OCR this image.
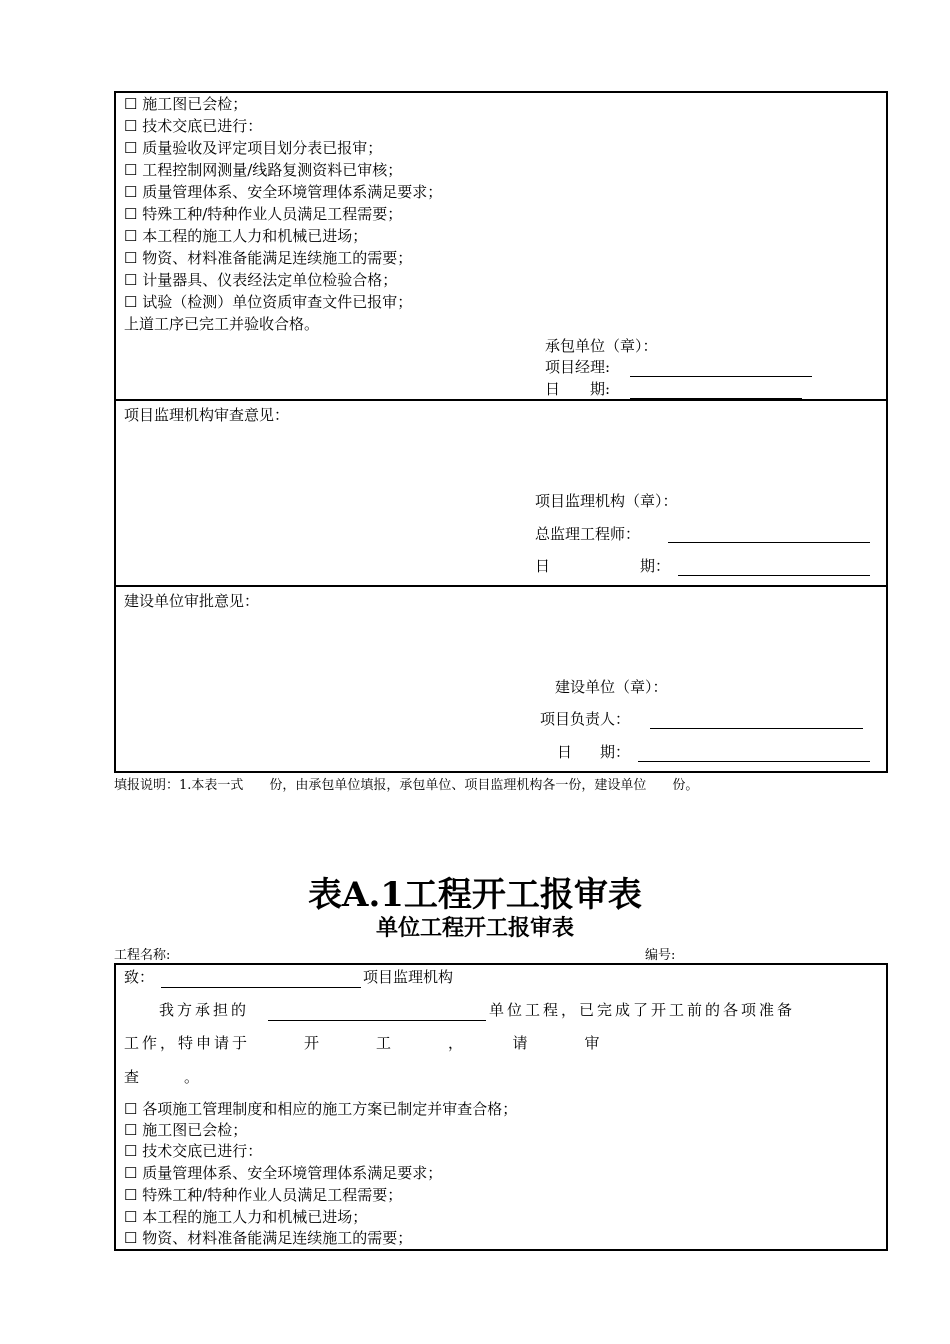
☐ 施工图已会检；
☐ 技术交底已进行：
☐ 质量验收及评定项目划分表已报审；
☐ 工程控制网测量/线路复测资料已审核；
☐ 质量管理体系、安全环境管理体系满足要求；
☐ 特殊工种/特种作业人员满足工程需要；
☐ 本工程的施工人力和机械已进场；
☐ 物资、材料准备能满足连续施工的需要；
☐ 计量器具、仪表经法定单位检验合格；
☐ 试验（检测）单位资质审查文件已报审；
上道工序已完工并验收合格。
承包单位（章）：
项目经理:
日　　期:
项目监理机构审查意见：
项目监理机构（章）：
总监理工程师：
日	期：
建设单位审批意见：
建设单位（章）：
项目负责人：
日 期：
填报说明：1.本表一式　　份，由承包单位填报，承包单位、项目监理机构各一份，建设单位　　份。
表A.1工程开工报审表
单位工程开工报审表
工程名称:	编号:
致：	项目监理机构
我方承担的	单位工程，已完成了开工前的各项准备
工作，特申请于　　　开　　　工　　　，　　　请　　　审
查　　　。
☐ 各项施工管理制度和相应的施工方案已制定并审查合格；
☐ 施工图已会检；
☐ 技术交底已进行：
☐ 质量管理体系、安全环境管理体系满足要求；
☐ 特殊工种/特种作业人员满足工程需要；
☐ 本工程的施工人力和机械已进场；
☐ 物资、材料准备能满足连续施工的需要；
